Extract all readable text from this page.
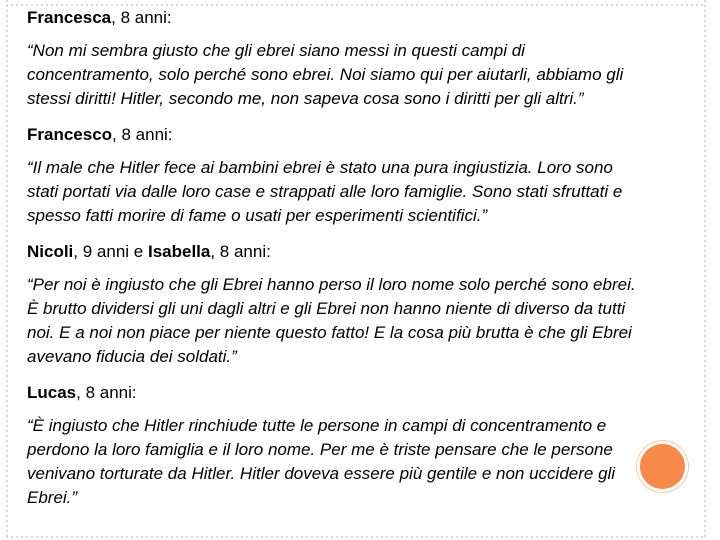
Francesca, 8 anni:

“Non mi sembra giusto che gli ebrei siano messi in questi campi di
concentramento, solo perché sono ebrei. Noi siamo qui per aiutarli, abbiamo gli
stessi diritti! Hitler, secondo me, non sapeva cosa sono i diritti per gli altri.”

Francesco, 8 anni:

“Il male che Hitler fece ai bambini ebrei è stato una pura ingiustizia. Loro sono
stati portati via dalle loro case e strappati alle loro famiglie. Sono stati sfruttati e
spesso fatti morire di fame o usati per esperimenti scientifici.”

Nicoli, 9 anni e Isabella, 8 anni:

“Per noi è ingiusto che gli Ebrei hanno perso il loro nome solo perché sono ebrei.
È brutto dividersi gli uni dagli altri e gli Ebrei non hanno niente di diverso da tutti
noi. E a noi non piace per niente questo fatto! E la cosa più brutta è che gli Ebrei
avevano fiducia dei soldati.”

Lucas, 8 anni:

“È ingiusto che Hitler rinchiude tutte le persone in campi di concentramento e
perdono la loro famiglia e il loro nome. Per me è triste pensare che le persone
venivano torturate da Hitler. Hitler doveva essere più gentile e non uccidere gli
Ebrei.”
